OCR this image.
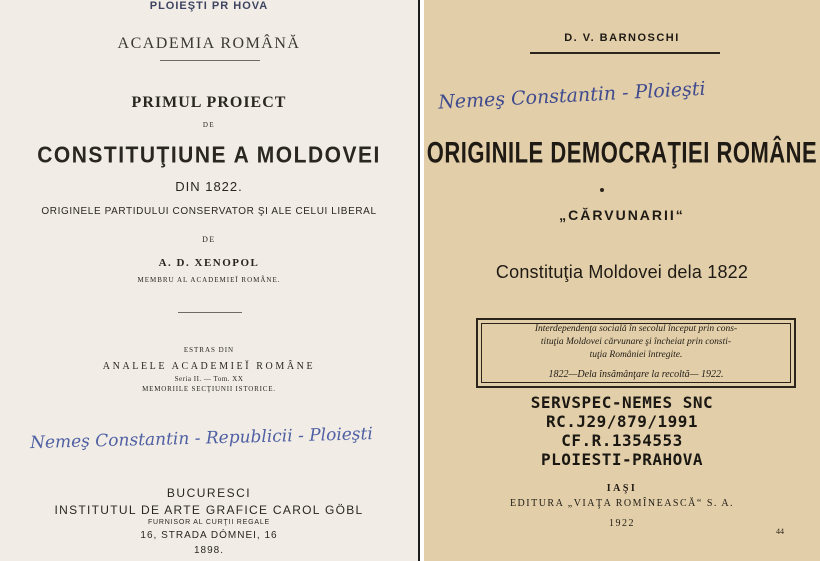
PLOIEŞTI PR HOVA
ACADEMIA ROMÂNĂ
PRIMUL PROIECT
DE
CONSTITUŢIUNE A MOLDOVEI
DIN 1822.
ORIGINELE PARTIDULUI CONSERVATOR ŞI ALE CELUI LIBERAL
DE
A. D. XENOPOL
MEMBRU AL ACADEMIEĬ ROMÂNE.
ESTRAS DIN
ANALELE ACADEMIEĬ ROMÂNE
Seria II. — Tom. XX
MEMORIILE SECŢIUNII ISTORICE.
Nemeş Constantin - Republicii - Ploieşti
BUCURESCI
INSTITUTUL DE ARTE GRAFICE CAROL GÖBL
FURNISOR AL CURŢII REGALE
16, STRADA DÓMNEI, 16
1898.
D. V. BARNOSCHI
Nemeş Constantin - Ploieşti
ORIGINILE DEMOCRAŢIEI ROMÂNE
„CĂRVUNARII“
Constituţia Moldovei dela 1822
Interdependenţa socială în secolul început prin cons-
tituţia Moldovei cărvunare şi încheiat prin consti-
tuţia României întregite.
1822—Dela însămânţare la recoltă— 1922.
SERVSPEC-NEMES SNC
RC.J29/879/1991
CF.R.1354553
PLOIESTI-PRAHOVA
IAŞI
EDITURA „VIAŢA ROMÎNEASCĂ“ S. A.
1922
44
